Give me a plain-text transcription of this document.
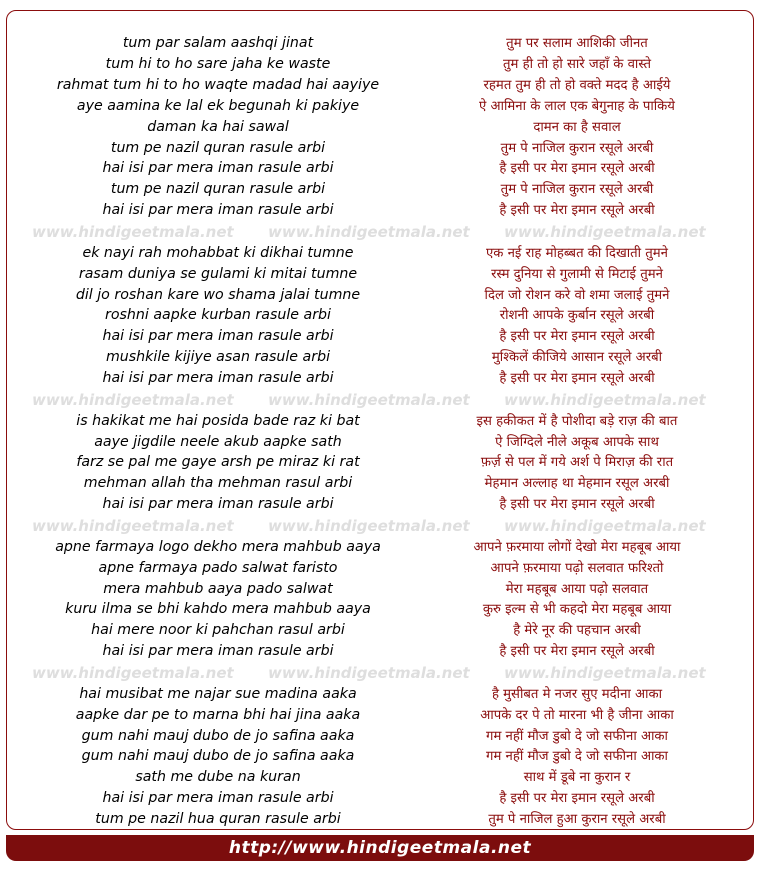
tum par salam aashqi jinat	तुम पर सलाम आशिकी जीनत
tum hi to ho sare jaha ke waste	तुम ही तो हो सारे जहाँ के वास्ते
rahmat tum hi to ho waqte madad hai aayiye	रहमत तुम ही तो हो वक्ते मदद है आईये
aye aamina ke lal ek begunah ki pakiye	ऐ आमिना के लाल एक बेगुनाह के पाकिये
daman ka hai sawal	दामन का है सवाल
tum pe nazil quran rasule arbi	तुम पे नाजिल कुरान रसूले अरबी
hai isi par mera iman rasule arbi	है इसी पर मेरा इमान रसूले अरबी
tum pe nazil quran rasule arbi	तुम पे नाजिल कुरान रसूले अरबी
hai isi par mera iman rasule arbi	है इसी पर मेरा इमान रसूले अरबी
www.hindigeetmala.net www.hindigeetmala.net www.hindigeetmala.net
ek nayi rah mohabbat ki dikhai tumne	एक नई राह मोहब्बत की दिखाती तुमने
rasam duniya se gulami ki mitai tumne	रस्म दुनिया से गुलामी से मिटाई तुमने
dil jo roshan kare wo shama jalai tumne	दिल जो रोशन करे वो शमा जलाई तुमने
roshni aapke kurban rasule arbi	रोशनी आपके कुर्बान रसूले अरबी
hai isi par mera iman rasule arbi	है इसी पर मेरा इमान रसूले अरबी
mushkile kijiye asan rasule arbi	मुश्किलें कीजिये आसान रसूले अरबी
hai isi par mera iman rasule arbi	है इसी पर मेरा इमान रसूले अरबी
www.hindigeetmala.net www.hindigeetmala.net www.hindigeetmala.net
is hakikat me hai posida bade raz ki bat	इस हकीकत में है पोशीदा बड़े राज़ की बात
aaye jigdile neele akub aapke sath	ऐ जिग्दिले नीले अकूब आपके साथ
farz se pal me gaye arsh pe miraz ki rat	फ़र्ज़ से पल में गये अर्श पे मिराज़ की रात
mehman allah tha mehman rasul arbi	मेहमान अल्लाह था मेहमान रसूल अरबी
hai isi par mera iman rasule arbi	है इसी पर मेरा इमान रसूले अरबी
www.hindigeetmala.net www.hindigeetmala.net www.hindigeetmala.net
apne farmaya logo dekho mera mahbub aaya	आपने फ़रमाया लोगों देखो मेरा महबूब आया
apne farmaya pado salwat faristo	आपने फ़रमाया पढ़ो सलवात फरिश्तो
mera mahbub aaya pado salwat	मेरा महबूब आया पढ़ो सलवात
kuru ilma se bhi kahdo mera mahbub aaya	कुरु इल्म से भी कहदो मेरा महबूब आया
hai mere noor ki pahchan rasul arbi	है मेरे नूर की पहचान अरबी
hai isi par mera iman rasule arbi	है इसी पर मेरा इमान रसूले अरबी
www.hindigeetmala.net www.hindigeetmala.net www.hindigeetmala.net
hai musibat me najar sue madina aaka	है मुसीबत मे नजर सुए मदीना आका
aapke dar pe to marna bhi hai jina aaka	आपके दर पे तो मारना भी है जीना आका
gum nahi mauj dubo de jo safina aaka	गम नहीं मौज डुबो दे जो सफीना आका
gum nahi mauj dubo de jo safina aaka	गम नहीं मौज डुबो दे जो सफीना आका
sath me dube na kuran	साथ में डूबे ना कुरान र
hai isi par mera iman rasule arbi	है इसी पर मेरा इमान रसूले अरबी
tum pe nazil hua quran rasule arbi	तुम पे नाजिल हुआ कुरान रसूले अरबी
http://www.hindigeetmala.net
